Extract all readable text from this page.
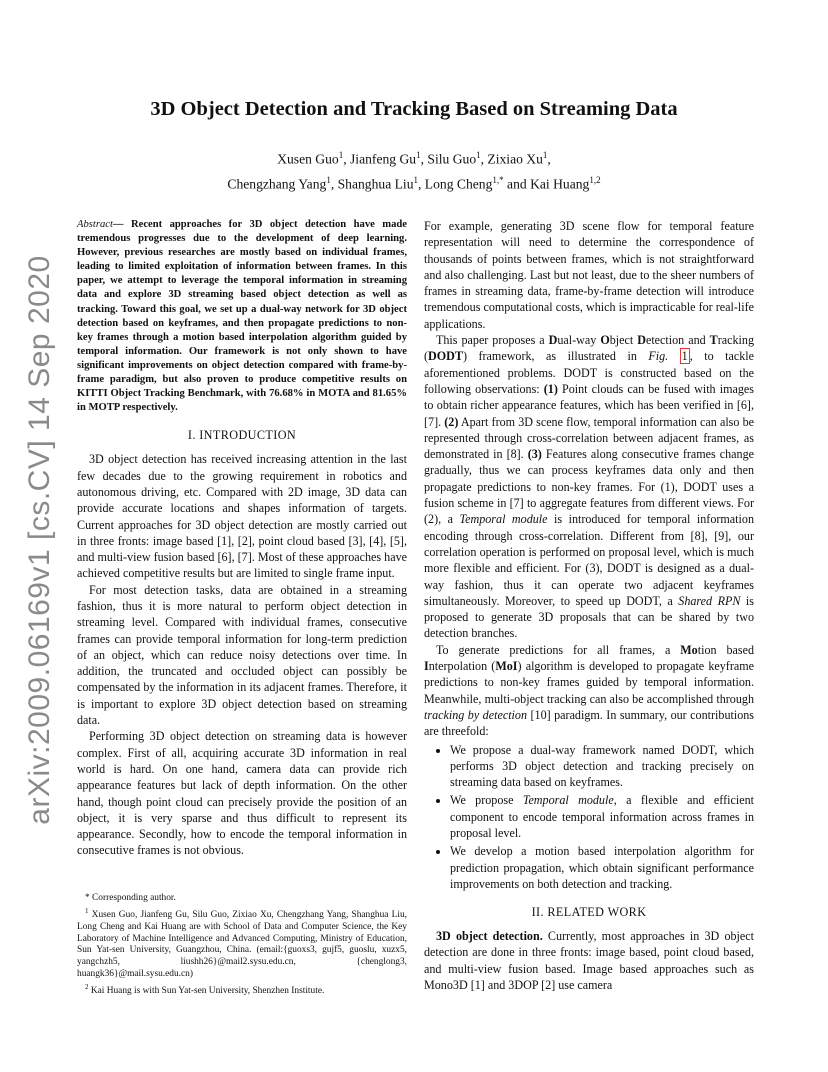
arXiv:2009.06169v1 [cs.CV] 14 Sep 2020
3D Object Detection and Tracking Based on Streaming Data
Xusen Guo$^1$, Jianfeng Gu$^1$, Silu Guo$^1$, Zixiao Xu$^1$,
Chengzhang Yang$^1$, Shanghua Liu$^1$, Long Cheng$^{1,*}$ and Kai Huang$^{1,2}$

Abstract— Recent approaches for 3D object detection have made tremendous progresses due to the development of deep learning. However, previous researches are mostly based on individual frames, leading to limited exploitation of information between frames. In this paper, we attempt to leverage the temporal information in streaming data and explore 3D streaming based object detection as well as tracking. Toward this goal, we set up a dual-way network for 3D object detection based on keyframes, and then propagate predictions to non-key frames through a motion based interpolation algorithm guided by temporal information. Our framework is not only shown to have significant improvements on object detection compared with frame-by-frame paradigm, but also proven to produce competitive results on KITTI Object Tracking Benchmark, with 76.68% in MOTA and 81.65% in MOTP respectively.

I. INTRODUCTION

3D object detection has received increasing attention in the last few decades due to the growing requirement in robotics and autonomous driving, etc. Compared with 2D image, 3D data can provide accurate locations and shapes information of targets. Current approaches for 3D object detection are mostly carried out in three fronts: image based [1], [2], point cloud based [3], [4], [5], and multi-view fusion based [6], [7]. Most of these approaches have achieved competitive results but are limited to single frame input.

For most detection tasks, data are obtained in a streaming fashion, thus it is more natural to perform object detection in streaming level. Compared with individual frames, consecutive frames can provide temporal information for long-term prediction of an object, which can reduce noisy detections over time. In addition, the truncated and occluded object can possibly be compensated by the information in its adjacent frames. Therefore, it is important to explore 3D object detection based on streaming data.

Performing 3D object detection on streaming data is however complex. First of all, acquiring accurate 3D information in real world is hard. On one hand, camera data can provide rich appearance features but lack of depth information. On the other hand, though point cloud can precisely provide the position of an object, it is very sparse and thus difficult to represent its appearance. Secondly, how to encode the temporal information in consecutive frames is not obvious.

* Corresponding author.

$^1$ Xusen Guo, Jianfeng Gu, Silu Guo, Zixiao Xu, Chengzhang Yang, Shanghua Liu, Long Cheng and Kai Huang are with School of Data and Computer Science, the Key Laboratory of Machine Intelligence and Advanced Computing, Ministry of Education, Sun Yat-sen University, Guangzhou, China. (email:{guoxs3, gujf5, guoslu, xuzx5, yangchzh5, liushh26}@mail2.sysu.edu.cn, {chenglong3, huangk36}@mail.sysu.edu.cn)

$^2$ Kai Huang is with Sun Yat-sen University, Shenzhen Institute.

For example, generating 3D scene flow for temporal feature representation will need to determine the correspondence of thousands of points between frames, which is not straightforward and also challenging. Last but not least, due to the sheer numbers of frames in streaming data, frame-by-frame detection will introduce tremendous computational costs, which is impracticable for real-life applications.

This paper proposes a Dual-way Object Detection and Tracking (DODT) framework, as illustrated in Fig. 1 , to tackle aforementioned problems. DODT is constructed based on the following observations: (1) Point clouds can be fused with images to obtain richer appearance features, which has been verified in [6], [7]. (2) Apart from 3D scene flow, temporal information can also be represented through cross-correlation between adjacent frames, as demonstrated in [8]. (3) Features along consecutive frames change gradually, thus we can process keyframes data only and then propagate predictions to non-key frames. For (1), DODT uses a fusion scheme in [7] to aggregate features from different views. For (2), a Temporal module is introduced for temporal information encoding through cross-correlation. Different from [8], [9], our correlation operation is performed on proposal level, which is much more flexible and efficient. For (3), DODT is designed as a dual-way fashion, thus it can operate two adjacent keyframes simultaneously. Moreover, to speed up DODT, a Shared RPN is proposed to generate 3D proposals that can be shared by two detection branches.

To generate predictions for all frames, a Motion based Interpolation (MoI) algorithm is developed to propagate keyframe predictions to non-key frames guided by temporal information. Meanwhile, multi-object tracking can also be accomplished through tracking by detection [10] paradigm. In summary, our contributions are threefold:

• We propose a dual-way framework named DODT, which performs 3D object detection and tracking precisely on streaming data based on keyframes.
• We propose Temporal module, a flexible and efficient component to encode temporal information across frames in proposal level.
• We develop a motion based interpolation algorithm for prediction propagation, which obtain significant performance improvements on both detection and tracking.
II. RELATED WORK

3D object detection. Currently, most approaches in 3D object detection are done in three fronts: image based, point cloud based, and multi-view fusion based. Image based approaches such as Mono3D [1] and 3DOP [2] use camera
